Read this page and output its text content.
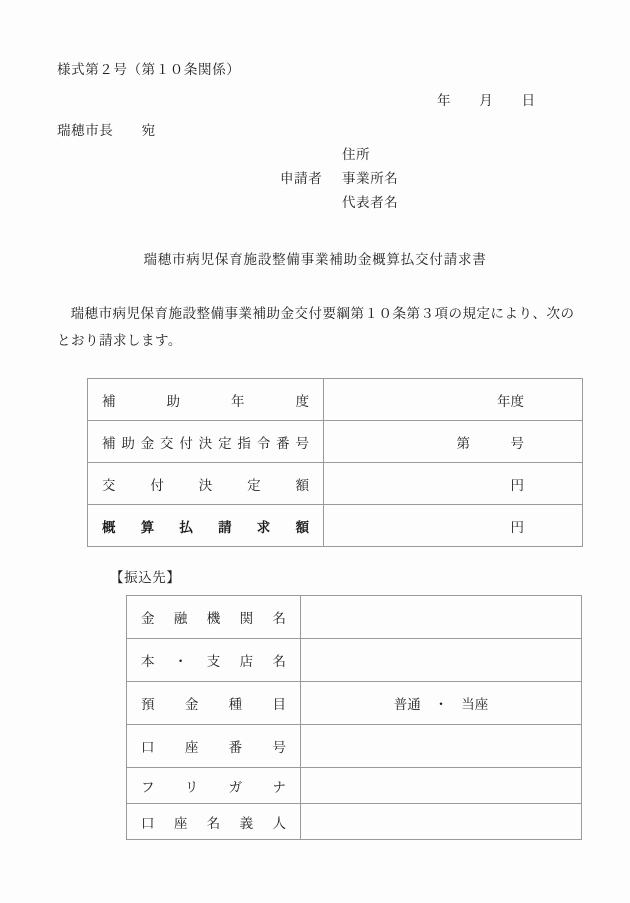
様式第２号（第１０条関係）
年　　月　　日
瑞穂市長　　宛
住所
申請者	事業所名
代表者名
瑞穂市病児保育施設整備事業補助金概算払交付請求書
瑞穂市病児保育施設整備事業補助金交付要綱第１０条第３項の規定により、次のとおり請求します。
補 助 年 度	年度

補 助 金 交 付 決 定 指 令 番 号	第　　　号

交 付 決 定 額	円

概 算 払 請 求 額	円
【振込先】
金 融 機 関 名	

本 ・ 支 店 名	

預 金 種 目	普通　・　当座

口 座 番 号	

フ リ ガ ナ	

口 座 名 義 人	
